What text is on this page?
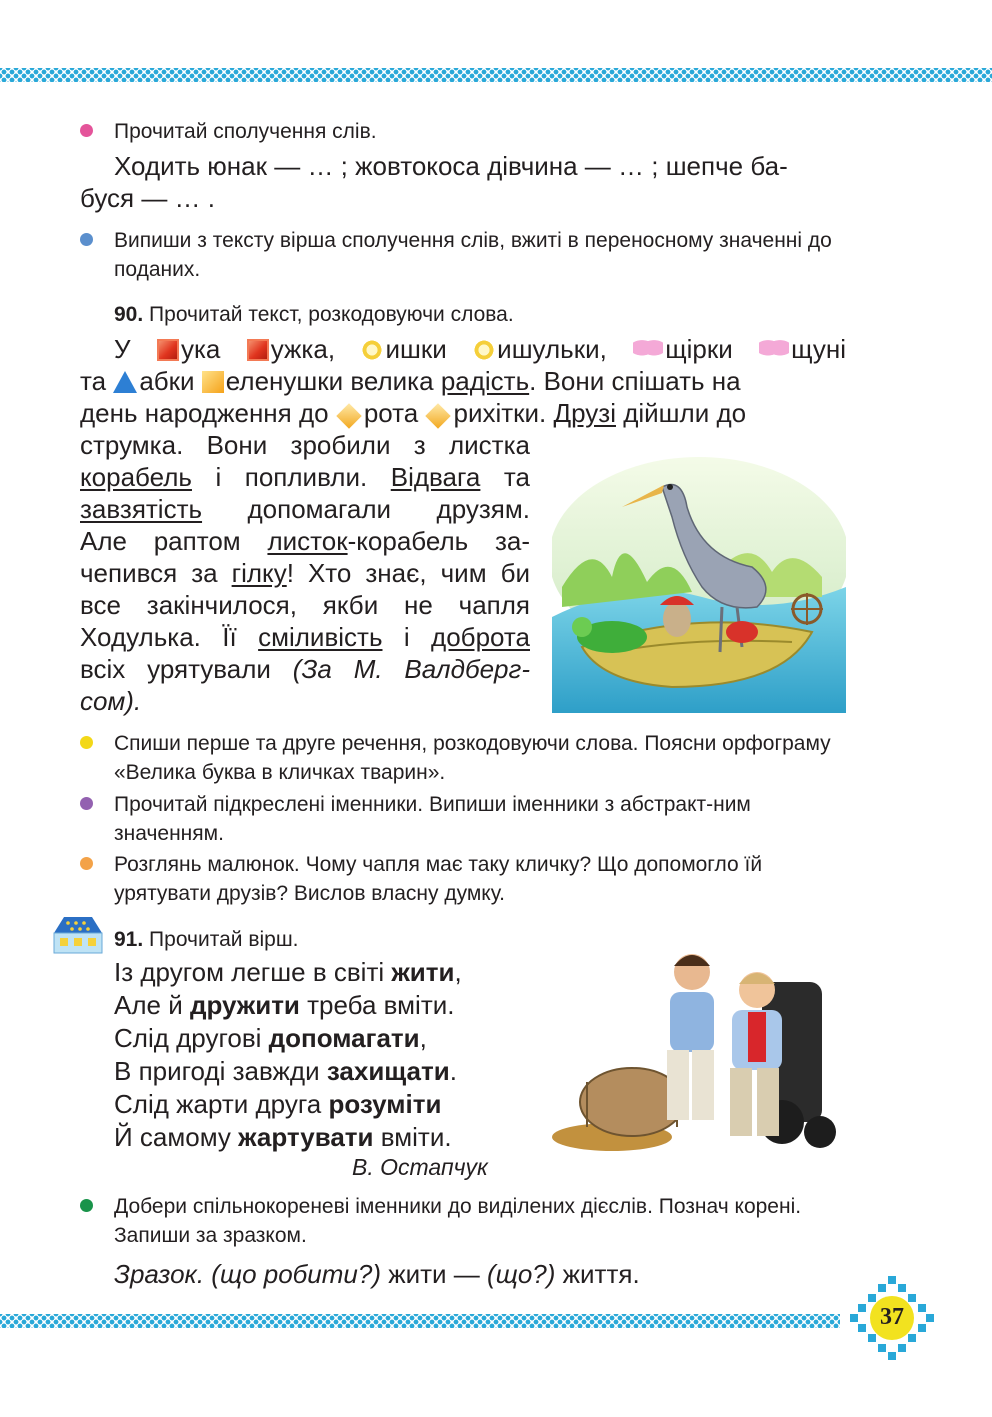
Прочитай сполучення слів.
Ходить юнак — … ; жовтокоса дівчина — … ; шепче ба-
буся — … .
Випиши з тексту вірша сполучення слів, вжиті в переносному значенні до поданих.
90. Прочитай текст, розкодовуючи слова.
У	ука	ужка,	ишки	ишульки,	щірки	щуні
та абки еленушки велика радість. Вони спішать на
день народження до рота рихітки. Друзі дійшли до
струмка. Вони зробили з листка
корабель і попливли. Відвага та
завзятість допомагали друзям.
Але раптом листок-корабель за-
чепився за гілку! Хто знає, чим би
все закінчилося, якби не чапля
Ходулька. Її сміливість і доброта
всіх урятували (За М. Валдберг-
сом).
Спиши перше та друге речення, розкодовуючи слова. Поясни орфограму «Велика буква в кличках тварин».
Прочитай підкреслені іменники. Випиши іменники з абстракт-ним значенням.
Розглянь малюнок. Чому чапля має таку кличку? Що допомогло їй урятувати друзів? Вислов власну думку.
91. Прочитай вірш.
Із другом легше в світі жити,
Але й дружити треба вміти.
Слід другові допомагати,
В пригоді завжди захищати.
Слід жарти друга розуміти
Й самому жартувати вміти.
В. Остапчук
Добери спільнокореневі іменники до виділених дієслів. Познач корені. Запиши за зразком.
Зразок. (що робити?) жити — (що?) життя.
37
